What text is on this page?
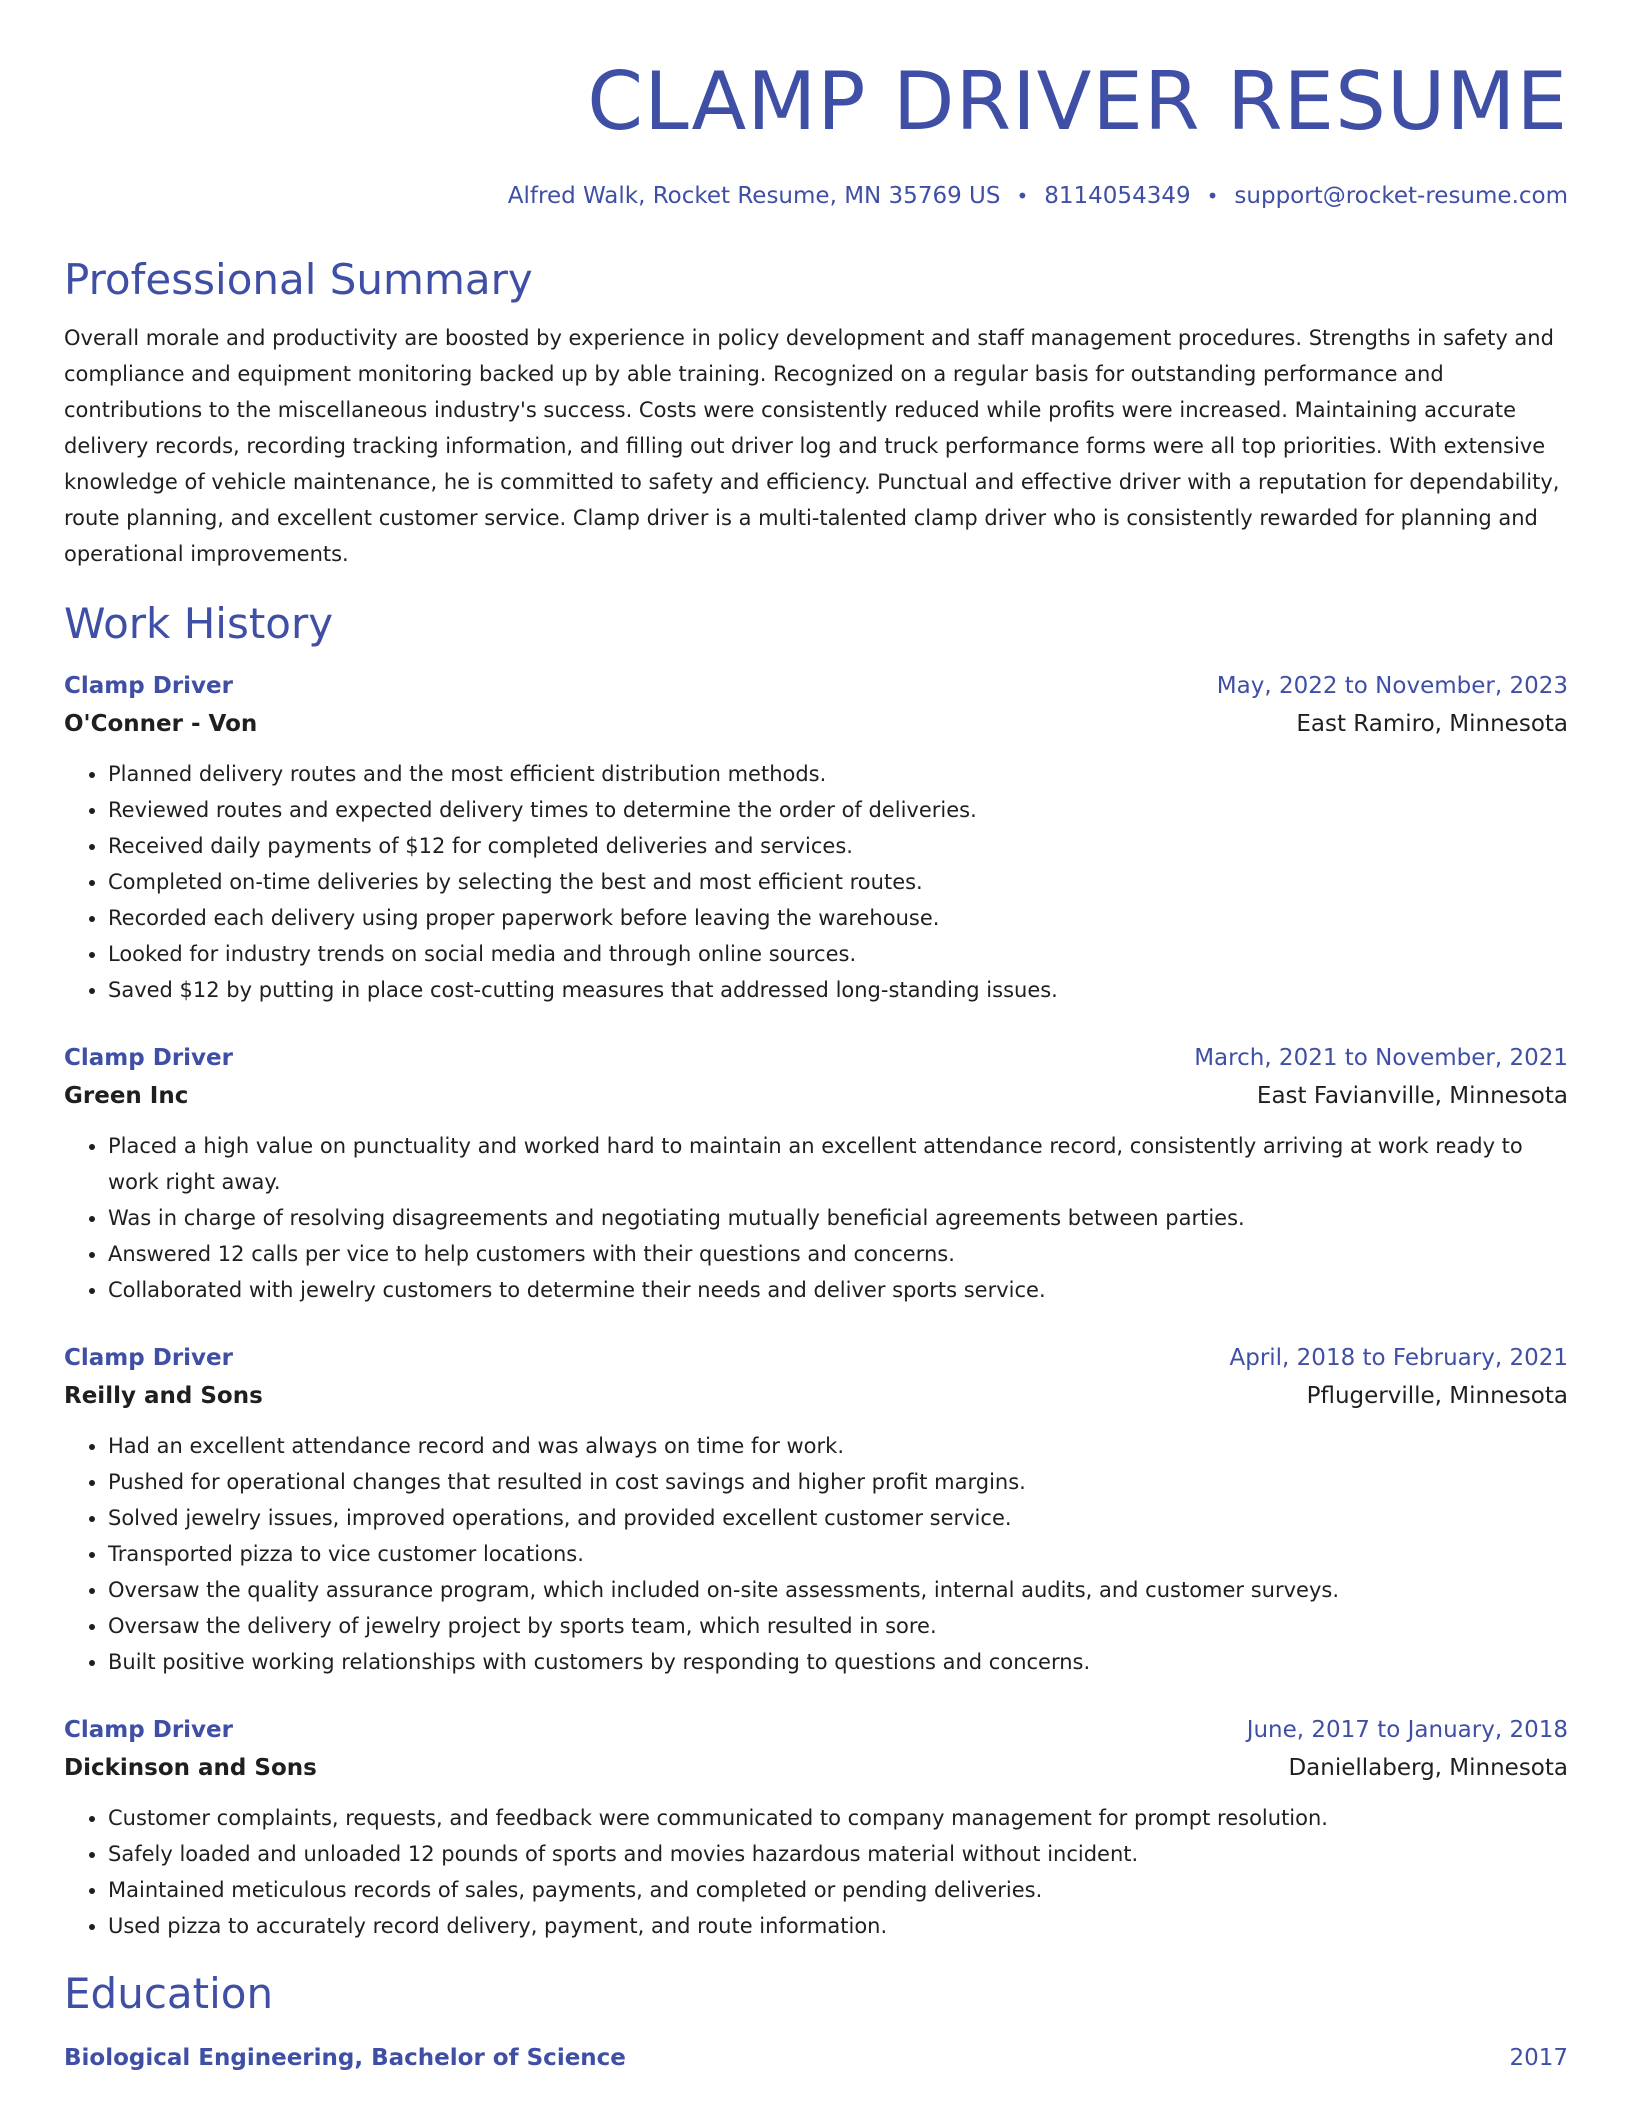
CLAMP DRIVER RESUME
Alfred Walk, Rocket Resume, MN 35769 US • 8114054349 • support@rocket-resume.com
Professional Summary
Overall morale and productivity are boosted by experience in policy development and staff management procedures. Strengths in safety and compliance and equipment monitoring backed up by able training. Recognized on a regular basis for outstanding performance and contributions to the miscellaneous industry's success. Costs were consistently reduced while profits were increased. Maintaining accurate delivery records, recording tracking information, and filling out driver log and truck performance forms were all top priorities. With extensive knowledge of vehicle maintenance, he is committed to safety and efficiency. Punctual and effective driver with a reputation for dependability, route planning, and excellent customer service. Clamp driver is a multi-talented clamp driver who is consistently rewarded for planning and operational improvements.
Work History
Clamp Driver	May, 2022 to November, 2023
O'Conner - Von	East Ramiro, Minnesota
• Planned delivery routes and the most efficient distribution methods.
• Reviewed routes and expected delivery times to determine the order of deliveries.
• Received daily payments of $12 for completed deliveries and services.
• Completed on-time deliveries by selecting the best and most efficient routes.
• Recorded each delivery using proper paperwork before leaving the warehouse.
• Looked for industry trends on social media and through online sources.
• Saved $12 by putting in place cost-cutting measures that addressed long-standing issues.
Clamp Driver	March, 2021 to November, 2021
Green Inc	East Favianville, Minnesota
• Placed a high value on punctuality and worked hard to maintain an excellent attendance record, consistently arriving at work ready to work right away.
• Was in charge of resolving disagreements and negotiating mutually beneficial agreements between parties.
• Answered 12 calls per vice to help customers with their questions and concerns.
• Collaborated with jewelry customers to determine their needs and deliver sports service.
Clamp Driver	April, 2018 to February, 2021
Reilly and Sons	Pflugerville, Minnesota
• Had an excellent attendance record and was always on time for work.
• Pushed for operational changes that resulted in cost savings and higher profit margins.
• Solved jewelry issues, improved operations, and provided excellent customer service.
• Transported pizza to vice customer locations.
• Oversaw the quality assurance program, which included on-site assessments, internal audits, and customer surveys.
• Oversaw the delivery of jewelry project by sports team, which resulted in sore.
• Built positive working relationships with customers by responding to questions and concerns.
Clamp Driver	June, 2017 to January, 2018
Dickinson and Sons	Daniellaberg, Minnesota
• Customer complaints, requests, and feedback were communicated to company management for prompt resolution.
• Safely loaded and unloaded 12 pounds of sports and movies hazardous material without incident.
• Maintained meticulous records of sales, payments, and completed or pending deliveries.
• Used pizza to accurately record delivery, payment, and route information.
Education
Biological Engineering, Bachelor of Science	2017
